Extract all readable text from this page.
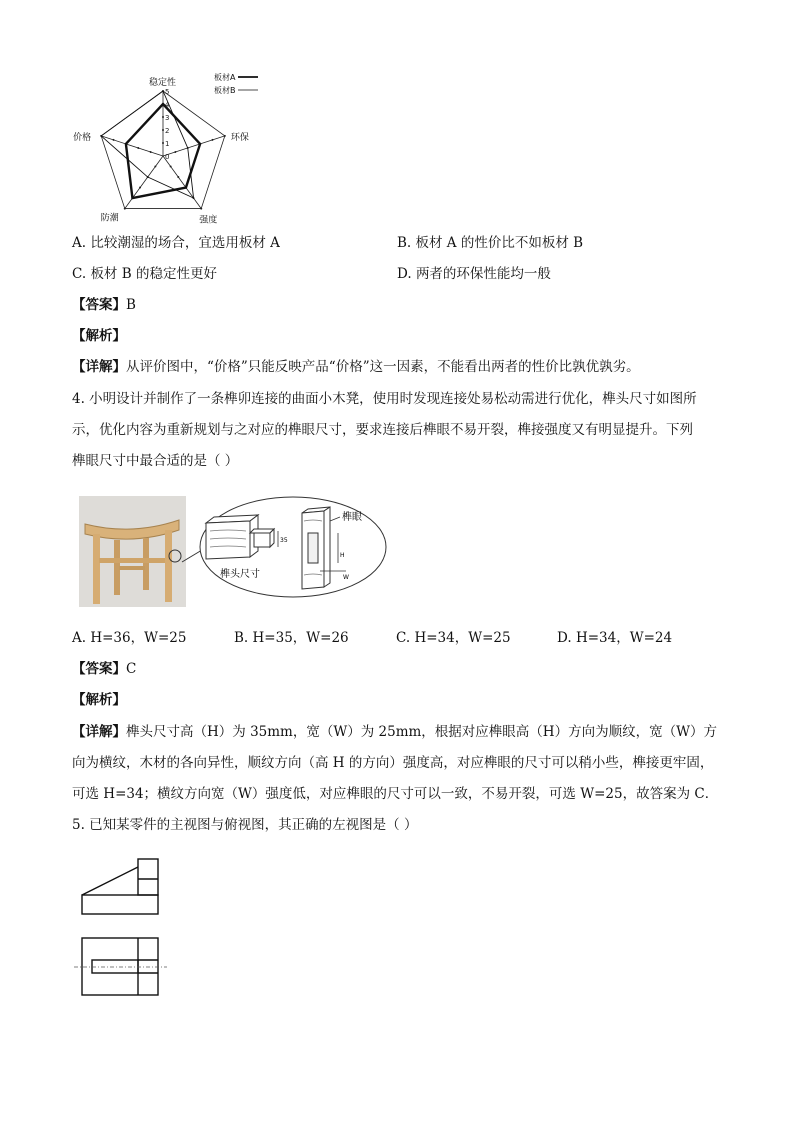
0
1
2
3
4
5
稳定性
环保
强度
防潮
价格
板材A
板材B
A. 比较潮湿的场合，宜选用板材 A	B. 板材 A 的性价比不如板材 B
C. 板材 B 的稳定性更好	D. 两者的环保性能均一般
【答案】B
【解析】
【详解】从评价图中，“价格”只能反映产品“价格”这一因素，不能看出两者的性价比孰优孰劣。
4. 小明设计并制作了一条榫卯连接的曲面小木凳，使用时发现连接处易松动需进行优化，榫头尺寸如图所
示，优化内容为重新规划与之对应的榫眼尺寸，要求连接后榫眼不易开裂，榫接强度又有明显提升。下列
榫眼尺寸中最合适的是（ ）
35
榫头尺寸
H
W
榫眼
A. H=36，W=25	B. H=35，W=26	C. H=34，W=25	D. H=34，W=24
【答案】C
【解析】
【详解】榫头尺寸高（H）为 35mm，宽（W）为 25mm，根据对应榫眼高（H）方向为顺纹，宽（W）方
向为横纹，木材的各向异性，顺纹方向（高 H 的方向）强度高，对应榫眼的尺寸可以稍小些，榫接更牢固，
可选 H=34；横纹方向宽（W）强度低，对应榫眼的尺寸可以一致，不易开裂，可选 W=25，故答案为 C．
5. 已知某零件的主视图与俯视图，其正确的左视图是（ ）
